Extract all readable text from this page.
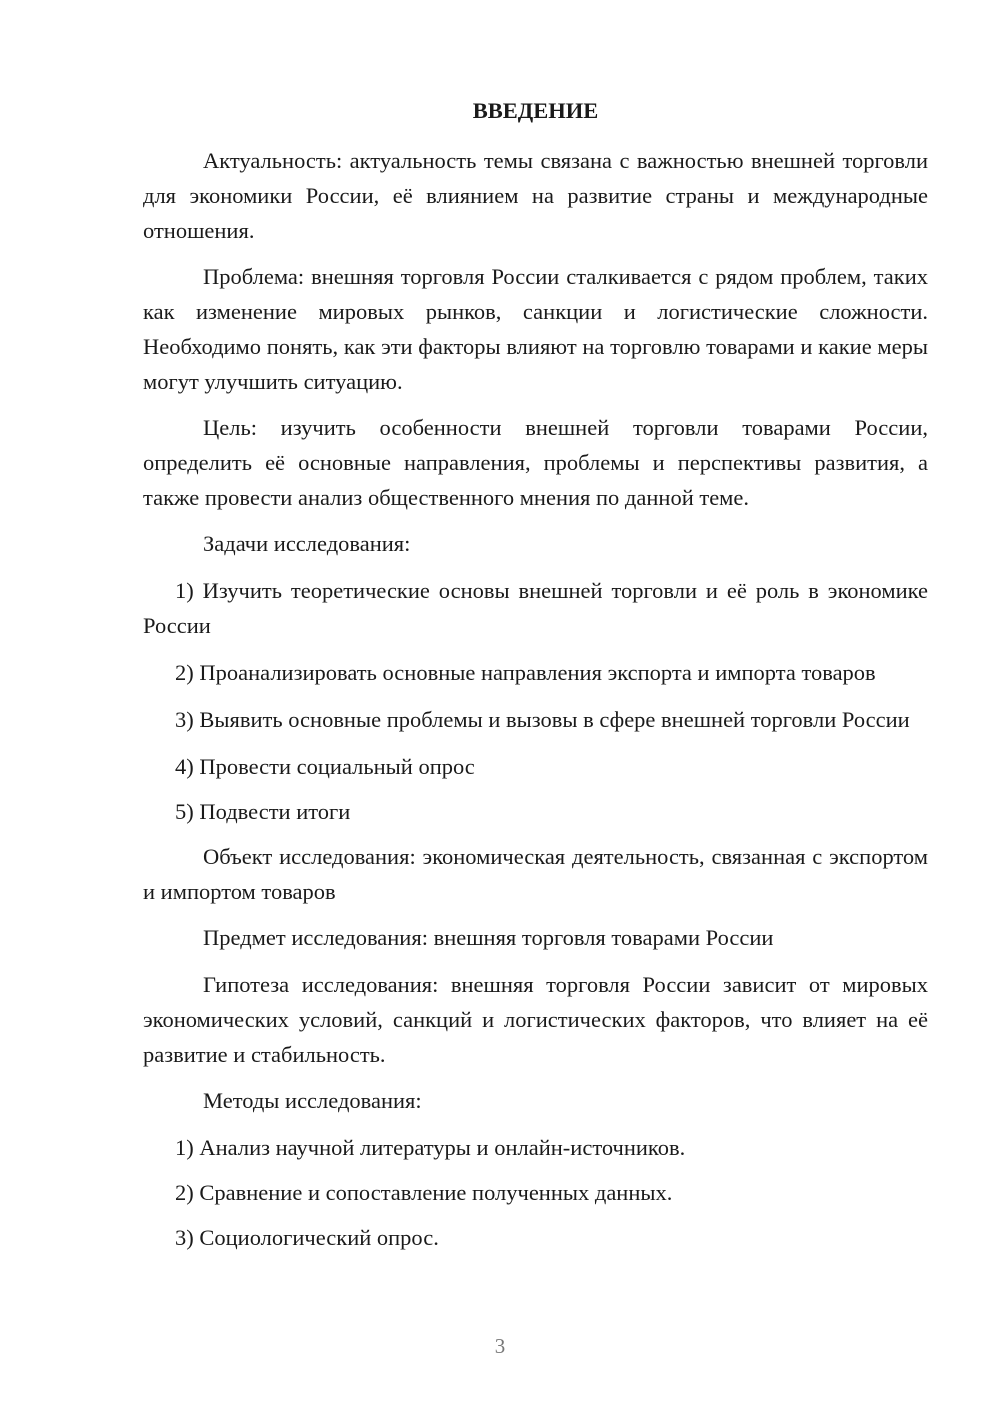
ВВЕДЕНИЕ

Актуальность: актуальность темы связана с важностью внешней торговли для экономики России, её влиянием на развитие страны и международные отношения.

Проблема: внешняя торговля России сталкивается с рядом проблем, таких как изменение мировых рынков, санкции и логистические сложности. Необходимо понять, как эти факторы влияют на торговлю товарами и какие меры могут улучшить ситуацию.

Цель: изучить особенности внешней торговли товарами России, определить её основные направления, проблемы и перспективы развития, а также провести анализ общественного мнения по данной теме.

Задачи исследования:

1) Изучить теоретические основы внешней торговли и её роль в экономике России

2) Проанализировать основные направления экспорта и импорта товаров

3) Выявить основные проблемы и вызовы в сфере внешней торговли России

4) Провести социальный опрос

5) Подвести итоги

Объект исследования: экономическая деятельность, связанная с экспортом и импортом товаров

Предмет исследования: внешняя торговля товарами России

Гипотеза исследования: внешняя торговля России зависит от мировых экономических условий, санкций и логистических факторов, что влияет на её развитие и стабильность.

Методы исследования:

1) Анализ научной литературы и онлайн-источников.

2) Сравнение и сопоставление полученных данных.

3) Социологический опрос.

3
